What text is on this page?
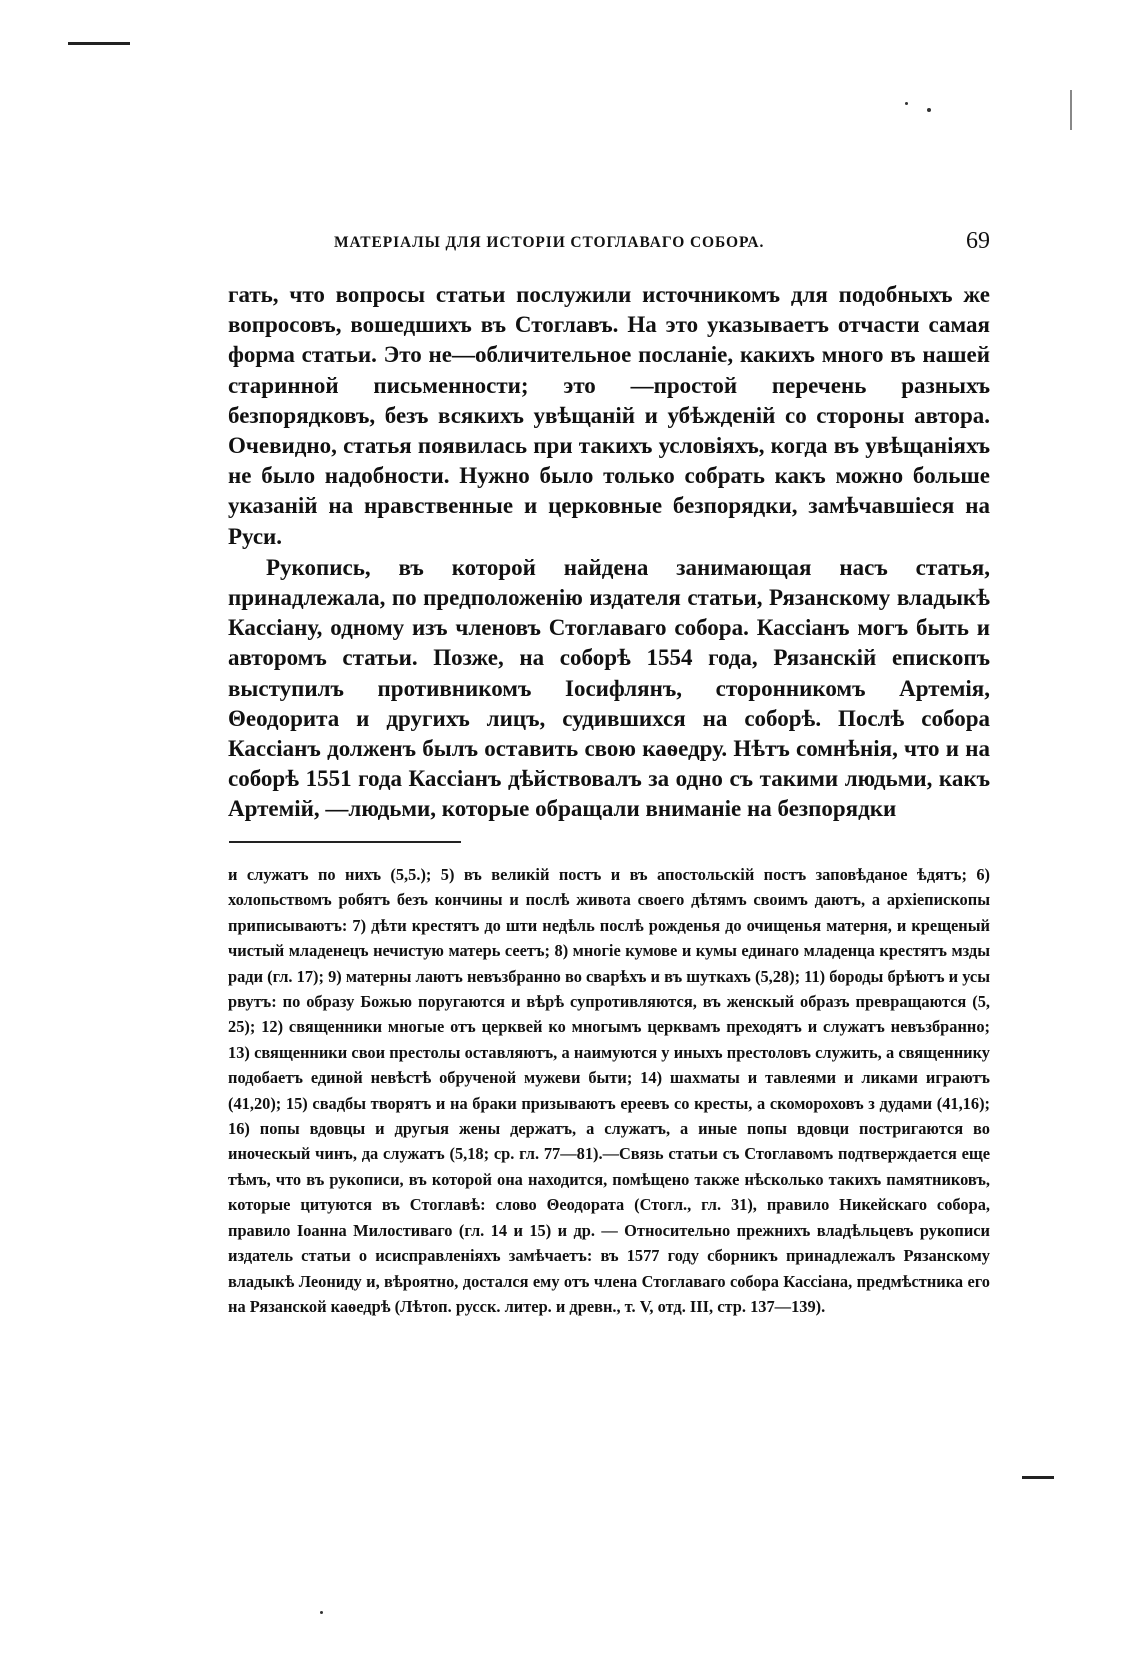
МАТЕРІАЛЫ ДЛЯ ИСТОРІИ СТОГЛАВАГО СОБОРА.	69

гать, что вопросы статьи послужили источникомъ для подобныхъ же вопросовъ, вошедшихъ въ Стоглавъ. На это указываетъ отчасти самая форма статьи. Это не—обличительное посланіе, какихъ много въ нашей старинной письменности; это —простой перечень разныхъ безпорядковъ, безъ всякихъ увѣщаній и убѣжденій со стороны автора. Очевидно, статья появилась при такихъ условіяхъ, когда въ увѣщаніяхъ не было надобности. Нужно было только собрать какъ можно больше указаній на нравственные и церковные безпорядки, замѣчавшіеся на Руси.

Рукопись, въ которой найдена занимающая насъ статья, принадлежала, по предположенію издателя статьи, Рязанскому владыкѣ Кассіану, одному изъ членовъ Стоглаваго собора. Кассіанъ могъ быть и авторомъ статьи. Позже, на соборѣ 1554 года, Рязанскій епископъ выступилъ противникомъ Іосифлянъ, сторонникомъ Артемія, Θеодорита и другихъ лицъ, судившихся на соборѣ. Послѣ собора Кассіанъ долженъ былъ оставить свою каѳедру. Нѣтъ сомнѣнія, что и на соборѣ 1551 года Кассіанъ дѣйствовалъ за одно съ такими людьми, какъ Артемій, —людьми, которые обращали вниманіе на безпорядки

и служатъ по нихъ (5,5.); 5) въ великій постъ и въ апостольскій постъ заповѣданое ѣдятъ; 6) холопьствомъ робятъ безъ кончины и послѣ живота своего дѣтямъ своимъ даютъ, а архіепископы приписываютъ: 7) дѣти крестятъ до шти недѣль послѣ рожденья до очищенья матерня, и крещеный чистый младенецъ нечистую матерь сеетъ; 8) многіе кумове и кумы единаго младенца крестятъ мзды ради (гл. 17); 9) матерны лаютъ невъзбранно во сварѣхъ и въ шуткахъ (5,28); 11) бороды брѣютъ и усы рвутъ: по образу Божью поругаются и вѣрѣ супротивляются, въ женскый образъ превращаются (5, 25); 12) священники многые отъ церквей ко многымъ церквамъ преходятъ и служатъ невъзбранно; 13) священники свои престолы оставляютъ, а наимуются у иныхъ престоловъ служить, а священнику подобаетъ единой невѣстѣ обрученой мужеви быти; 14) шахматы и тавлеями и ликами играютъ (41,20); 15) свадбы творятъ и на браки призываютъ ереевъ со кресты, а скомороховъ з дудами (41,16); 16) попы вдовцы и другыя жены держатъ, а служатъ, а иные попы вдовци постригаются во иноческый чинъ, да служатъ (5,18; ср. гл. 77—81).—Связь статьи съ Стоглавомъ подтверждается еще тѣмъ, что въ рукописи, въ которой она находится, помѣщено также нѣсколько такихъ памятниковъ, которые цитуются въ Стоглавѣ: слово Θеодората (Стогл., гл. 31), правило Никейскаго собора, правило Іоанна Милостиваго (гл. 14 и 15) и др. — Относительно прежнихъ владѣльцевъ рукописи издатель статьи о исисправленіяхъ замѣчаетъ: въ 1577 году сборникъ принадлежалъ Рязанскому владыкѣ Леониду и, вѣроятно, достался ему отъ члена Стоглаваго собора Кассіана, предмѣстника его на Рязанской каѳедрѣ (Лѣтоп. русск. литер. и древн., т. V, отд. III, стр. 137—139).
